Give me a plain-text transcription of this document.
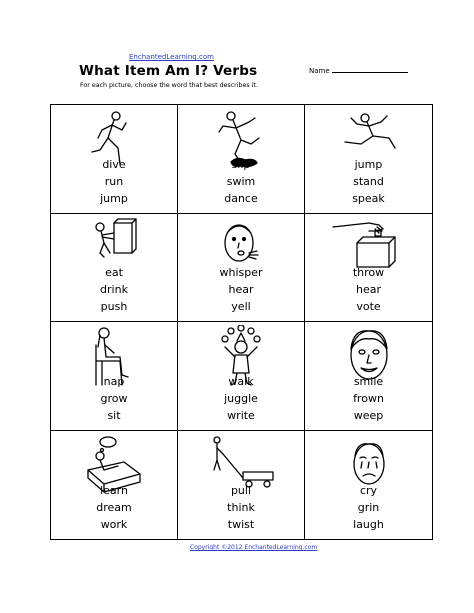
EnchantedLearning.com
What Item Am I? Verbs	Name
For each picture, choose the word that best describes it.
dive
run
jump
slip
swim
dance
jump
stand
speak
eat
drink
push
whisper
hear
yell
throw
hear
vote
nap
grow
sit
walk
juggle
write
smile
frown
weep
learn
dream
work
pull
think
twist
cry
grin
laugh
Copyright ©2012 EnchantedLearning.com
